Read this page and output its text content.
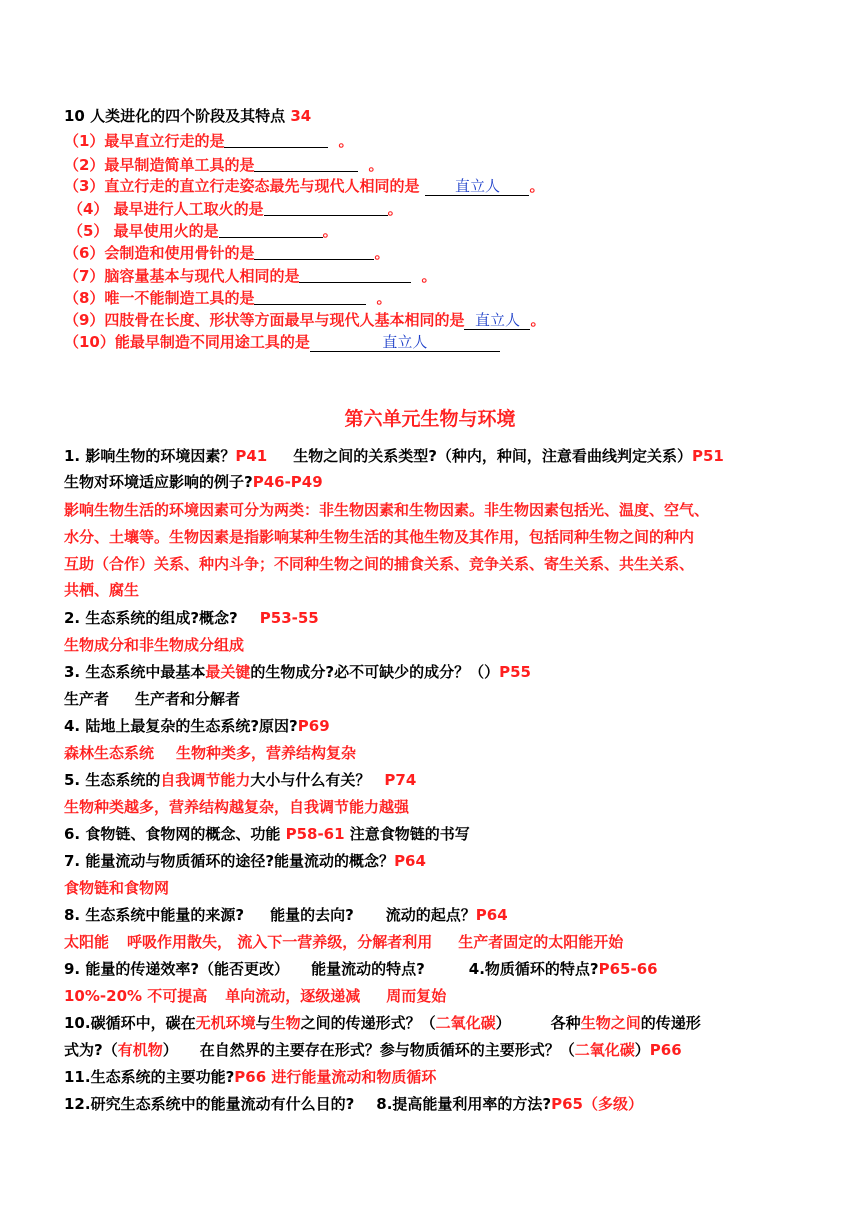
10 人类进化的四个阶段及其特点 34
（1）最早直立行走的是	。
（2）最早制造简单工具的是	。
（3）直立行走的直立行走姿态最先与现代人相同的是 直立人 。
（4） 最早进行人工取火的是	。
（5） 最早使用火的是	。
（6）会制造和使用骨针的是	。
（7）脑容量基本与现代人相同的是	。
（8）唯一不能制造工具的是	。
（9）四肢骨在长度、形状等方面最早与现代人基本相同的是 直立人 。
（10）能最早制造不同用途工具的是	直立人
第六单元生物与环境
1. 影响生物的环境因素？P41 生物之间的关系类型?（种内，种间，注意看曲线判定关系）P51
生物对环境适应影响的例子?P46-P49
影响生物生活的环境因素可分为两类：非生物因素和生物因素。非生物因素包括光、温度、空气、
水分、土壤等。生物因素是指影响某种生物生活的其他生物及其作用，包括同种生物之间的种内
互助（合作）关系、种内斗争；不同种生物之间的捕食关系、竞争关系、寄生关系、共生关系、
共栖、腐生
2. 生态系统的组成?概念? P53-55
生物成分和非生物成分组成
3. 生态系统中最基本最关键的生物成分?必不可缺少的成分？（）P55
生产者 生产者和分解者
4. 陆地上最复杂的生态系统?原因?P69
森林生态系统 生物种类多，营养结构复杂
5. 生态系统的自我调节能力大小与什么有关？ P74
生物种类越多，营养结构越复杂，自我调节能力越强
6. 食物链、食物网的概念、功能 P58-61 注意食物链的书写
7. 能量流动与物质循环的途径?能量流动的概念？P64
食物链和食物网
8. 生态系统中能量的来源? 能量的去向? 流动的起点？P64
太阳能 呼吸作用散失， 流入下一营养级，分解者利用 生产者固定的太阳能开始
9. 能量的传递效率?（能否更改） 能量流动的特点?	4.物质循环的特点?P65-66
10%-20% 不可提高 单向流动，逐级递减 周而复始
10.碳循环中，碳在无机环境与生物之间的传递形式？（二氧化碳）	各种生物之间的传递形
式为?（有机物） 在自然界的主要存在形式？参与物质循环的主要形式？（二氧化碳）P66
11.生态系统的主要功能?P66 进行能量流动和物质循环
12.研究生态系统中的能量流动有什么目的? 8.提高能量利用率的方法?P65（多级）
